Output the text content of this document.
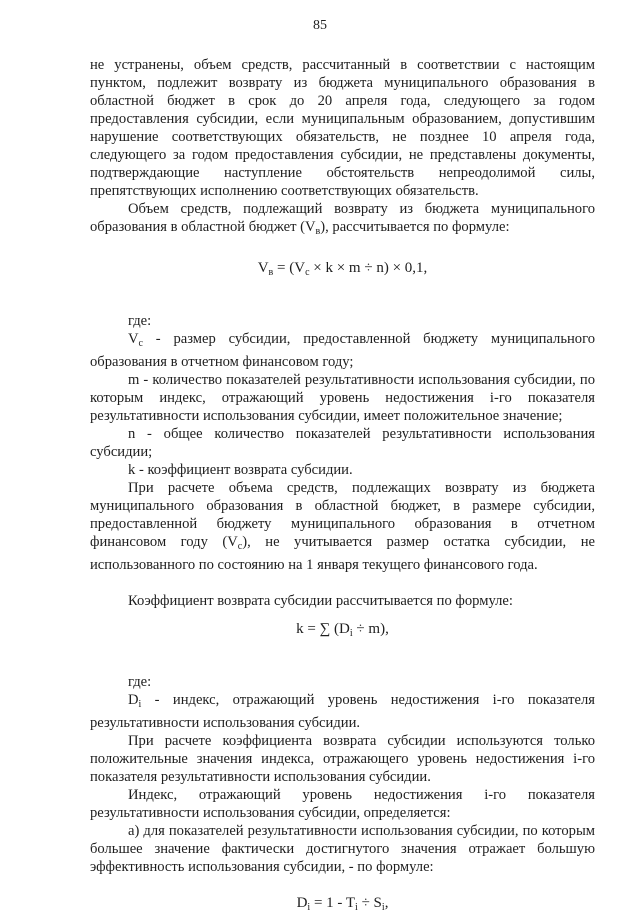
85

не устранены, объем средств, рассчитанный в соответствии с настоящим пунктом, подлежит возврату из бюджета муниципального образования в областной бюджет в срок до 20 апреля года, следующего за годом предоставления субсидии, если муниципальным образованием, допустившим нарушение соответствующих обязательств, не позднее 10 апреля года, следующего за годом предоставления субсидии, не представлены документы, подтверждающие наступление обстоятельств непреодолимой силы, препятствующих исполнению соответствующих обязательств.

Объем средств, подлежащий возврату из бюджета муниципального образования в областной бюджет $(V_в)$, рассчитывается по формуле:

$V_в = (V_с \times k \times m \div n) \times 0,1$,

где:

$V_с$ - размер субсидии, предоставленной бюджету муниципального образования в отчетном финансовом году;

m - количество показателей результативности использования субсидии, по которым индекс, отражающий уровень недостижения i-го показателя результативности использования субсидии, имеет положительное значение;

n - общее количество показателей результативности использования субсидии;

k - коэффициент возврата субсидии.

При расчете объема средств, подлежащих возврату из бюджета муниципального образования в областной бюджет, в размере субсидии, предоставленной бюджету муниципального образования в отчетном финансовом году $(V_с)$, не учитывается размер остатка субсидии, не использованного по состоянию на 1 января текущего финансового года.

Коэффициент возврата субсидии рассчитывается по формуле:

k = ∑ $(D_i \div m)$,

где:

$D_i$ - индекс, отражающий уровень недостижения i-го показателя результативности использования субсидии.

При расчете коэффициента возврата субсидии используются только положительные значения индекса, отражающего уровень недостижения i-го показателя результативности использования субсидии.

Индекс, отражающий уровень недостижения i-го показателя результативности использования субсидии, определяется:

а) для показателей результативности использования субсидии, по которым большее значение фактически достигнутого значения отражает большую эффективность использования субсидии, - по формуле:

$D_i = 1 - T_i \div S_i$,
